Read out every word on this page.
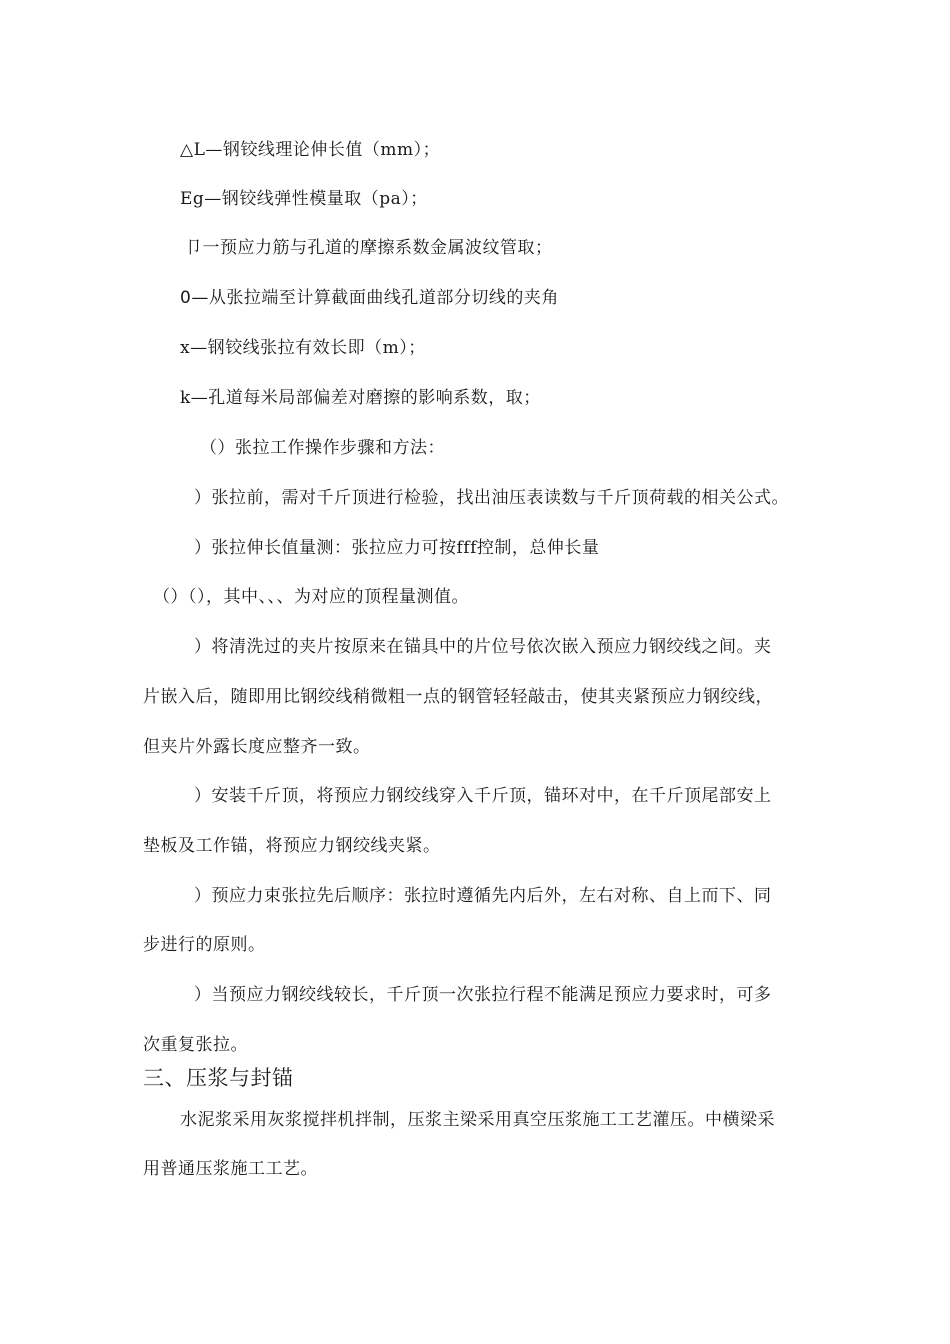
△L—钢铰线理论伸长值（mm）；
Eg—钢铰线弹性模量取（pa）；
卩一预应力筋与孔道的摩擦系数金属波纹管取；
0—从张拉端至计算截面曲线孔道部分切线的夹角
x—钢铰线张拉有效长即（m）；
k—孔道每米局部偏差对磨擦的影响系数，取；
（）张拉工作操作步骤和方法：
）张拉前，需对千斤顶进行检验，找出油压表读数与千斤顶荷载的相关公式。
）张拉伸长值量测：张拉应力可按fff控制，总伸长量
（）（），其中、、、为对应的顶程量测值。
）将清洗过的夹片按原来在锚具中的片位号依次嵌入预应力钢绞线之间。夹
片嵌入后，随即用比钢绞线稍微粗一点的钢管轻轻敲击，使其夹紧预应力钢绞线，
但夹片外露长度应整齐一致。
）安装千斤顶，将预应力钢绞线穿入千斤顶，锚环对中，在千斤顶尾部安上
垫板及工作锚，将预应力钢绞线夹紧。
）预应力束张拉先后顺序：张拉时遵循先内后外，左右对称、自上而下、同
步进行的原则。
）当预应力钢绞线较长，千斤顶一次张拉行程不能满足预应力要求时，可多
次重复张拉。
三、压浆与封锚
水泥浆采用灰浆搅拌机拌制，压浆主梁采用真空压浆施工工艺灌压。中横梁采
用普通压浆施工工艺。
